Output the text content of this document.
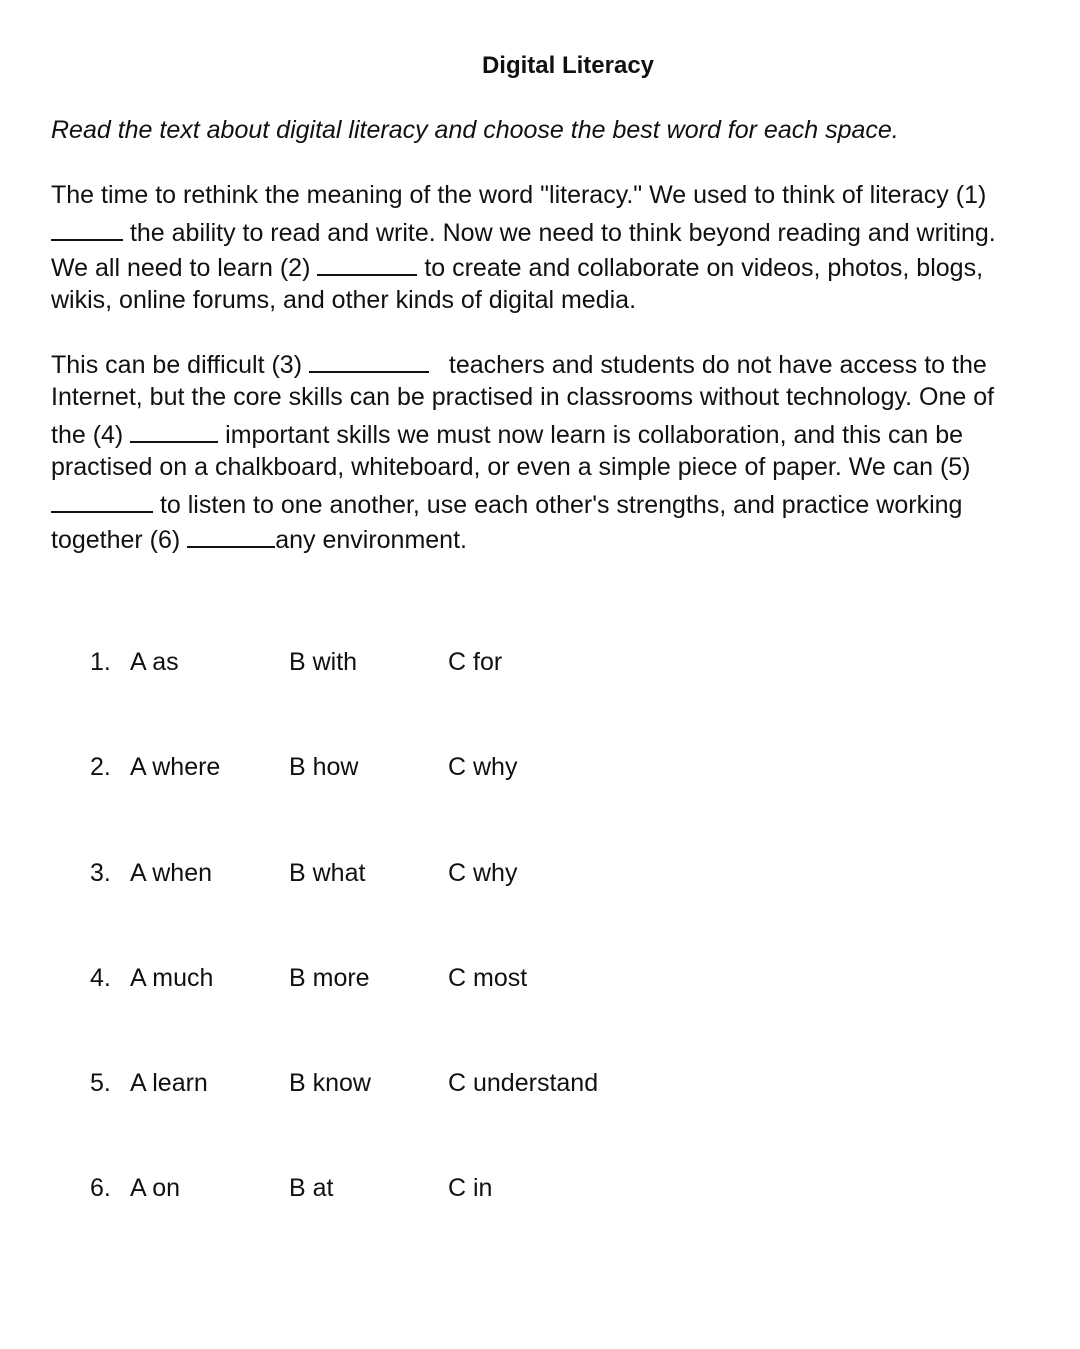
Digital Literacy
Read the text about digital literacy and choose the best word for each space.
The time to rethink the meaning of the word "literacy." We used to think of literacy (1)
the ability to read and write. Now we need to think beyond reading and writing.
We all need to learn (2)	to create and collaborate on videos, photos, blogs,
wikis, online forums, and other kinds of digital media.
This can be difficult (3)	teachers and students do not have access to the
Internet, but the core skills can be practised in classrooms without technology. One of
the (4)	important skills we must now learn is collaboration, and this can be
practised on a chalkboard, whiteboard, or even a simple piece of paper. We can (5)
to listen to one another, use each other's strengths, and practice working
together (6)	any environment.
1. A as	B with	C for
2. A where	B how	C why
3. A when	B what	C why
4. A much	B more	C most
5. A learn	B know	C understand
6. A on	B at	C in
